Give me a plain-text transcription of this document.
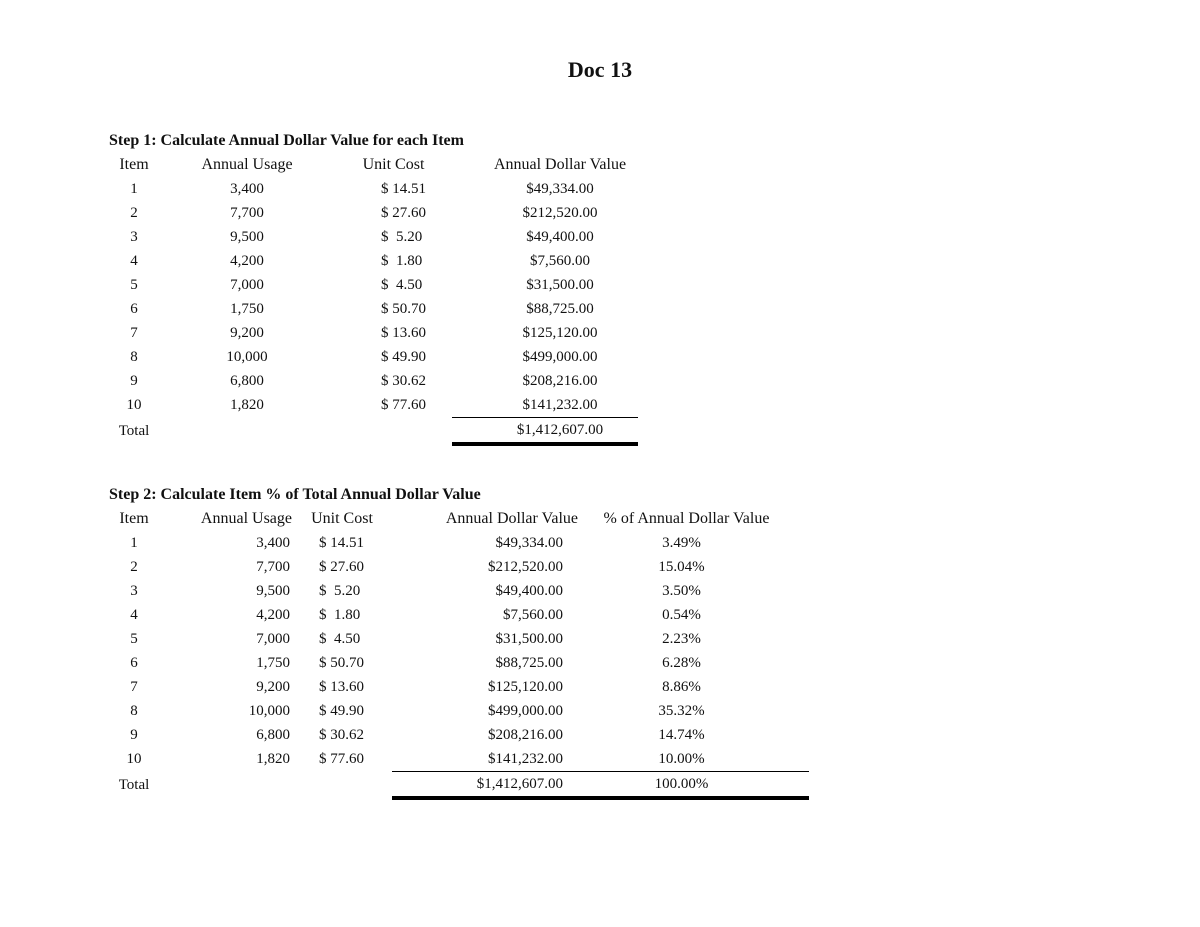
Doc 13
Step 1: Calculate Annual Dollar Value for each Item
Item	Annual Usage	Unit Cost	Annual Dollar Value
1	3,400	$ 14.51	$49,334.00
2	7,700	$ 27.60	$212,520.00
3	9,500	$  5.20	$49,400.00
4	4,200	$  1.80	$7,560.00
5	7,000	$  4.50	$31,500.00
6	1,750	$ 50.70	$88,725.00
7	9,200	$ 13.60	$125,120.00
8	10,000	$ 49.90	$499,000.00
9	6,800	$ 30.62	$208,216.00
10	1,820	$ 77.60	$141,232.00
Total			$1,412,607.00
Step 2: Calculate Item % of Total Annual Dollar Value
Item	Annual Usage	Unit Cost	Annual Dollar Value	% of Annual Dollar Value
1	3,400	$ 14.51	$49,334.00	3.49%
2	7,700	$ 27.60	$212,520.00	15.04%
3	9,500	$  5.20	$49,400.00	3.50%
4	4,200	$  1.80	$7,560.00	0.54%
5	7,000	$  4.50	$31,500.00	2.23%
6	1,750	$ 50.70	$88,725.00	6.28%
7	9,200	$ 13.60	$125,120.00	8.86%
8	10,000	$ 49.90	$499,000.00	35.32%
9	6,800	$ 30.62	$208,216.00	14.74%
10	1,820	$ 77.60	$141,232.00	10.00%
Total			$1,412,607.00	100.00%
